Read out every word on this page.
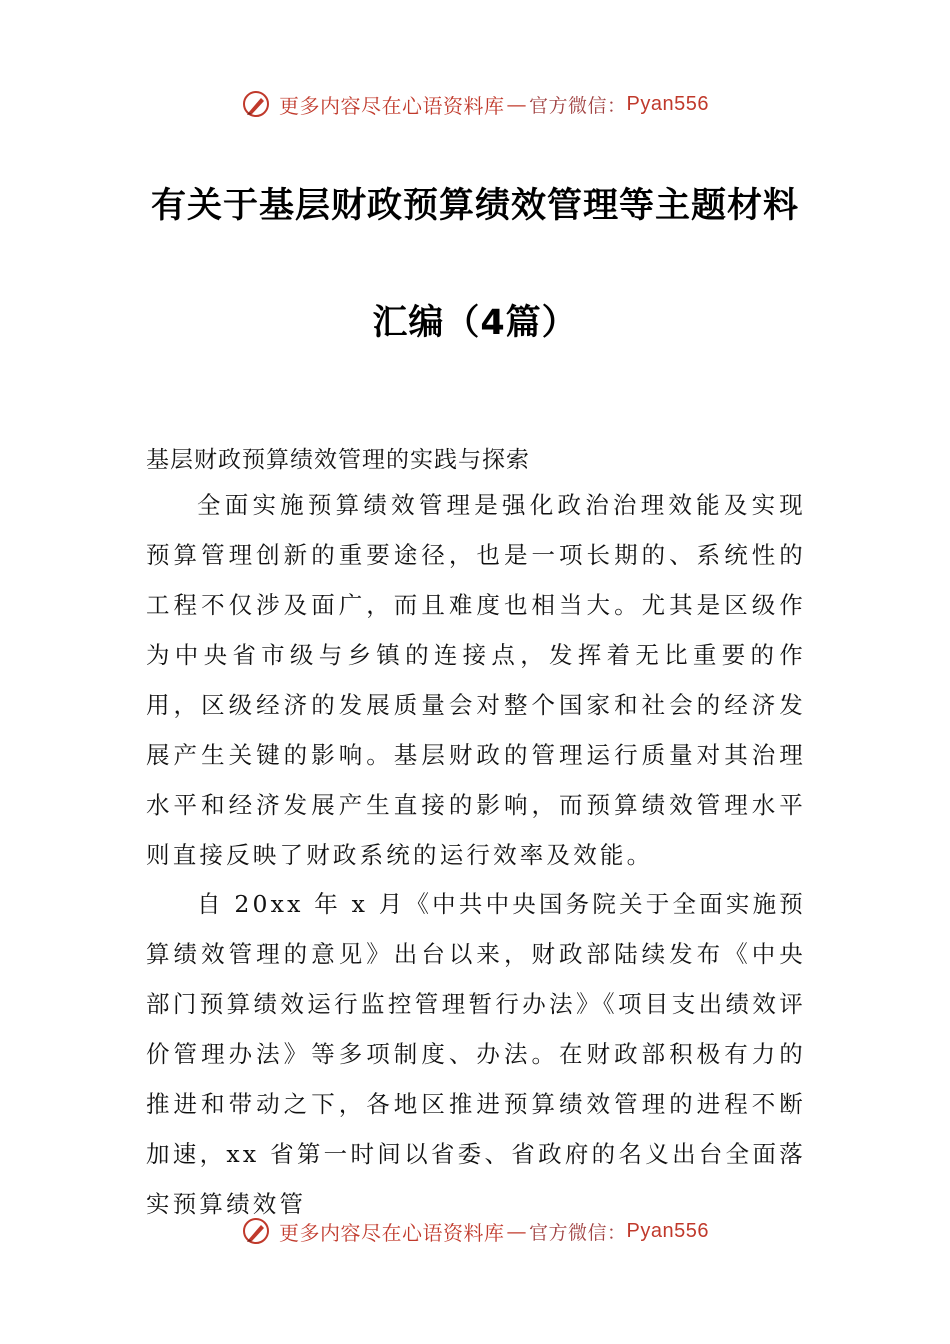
更多内容尽在心语资料库 — 官方微信： Pyan556
有关于基层财政预算绩效管理等主题材料
汇编（4篇）
基层财政预算绩效管理的实践与探索

全面实施预算绩效管理是强化政治治理效能及实现预算管理创新的重要途径，也是一项长期的、系统性的工程不仅涉及面广，而且难度也相当大。尤其是区级作为中央省市级与乡镇的连接点，发挥着无比重要的作用，区级经济的发展质量会对整个国家和社会的经济发展产生关键的影响。基层财政的管理运行质量对其治理水平和经济发展产生直接的影响，而预算绩效管理水平则直接反映了财政系统的运行效率及效能。

自 20xx 年 x 月《中共中央国务院关于全面实施预算绩效管理的意见》出台以来，财政部陆续发布《中央部门预算绩效运行监控管理暂行办法》《项目支出绩效评价管理办法》等多项制度、办法。在财政部积极有力的推进和带动之下，各地区推进预算绩效管理的进程不断加速，xx 省第一时间以省委、省政府的名义出台全面落实预算绩效管

更多内容尽在心语资料库 — 官方微信： Pyan556
